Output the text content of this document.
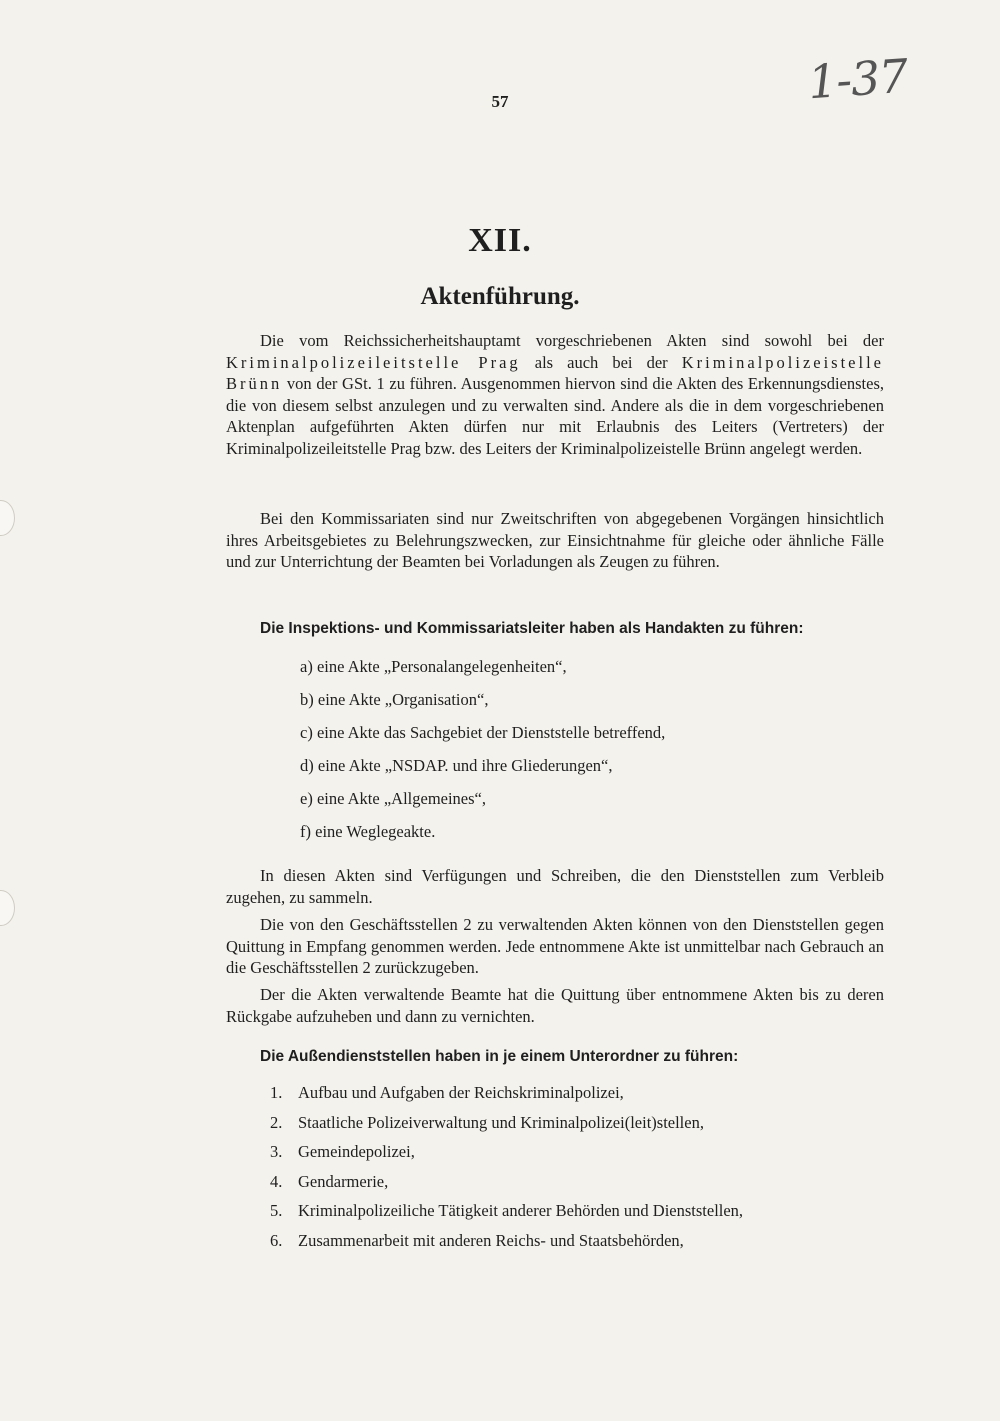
1-37
57
XII.
Aktenführung.

Die vom Reichssicherheitshauptamt vorgeschriebenen Akten sind sowohl bei der Kriminalpolizeileitstelle Prag als auch bei der Kriminalpolizeistelle Brünn von der GSt. 1 zu führen. Ausgenommen hiervon sind die Akten des Erkennungsdienstes, die von diesem selbst anzulegen und zu verwalten sind. Andere als die in dem vorgeschriebenen Aktenplan aufgeführten Akten dürfen nur mit Erlaubnis des Leiters (Vertreters) der Kriminalpolizeileitstelle Prag bzw. des Leiters der Kriminalpolizeistelle Brünn angelegt werden.

Bei den Kommissariaten sind nur Zweitschriften von abgegebenen Vorgängen hinsichtlich ihres Arbeitsgebietes zu Belehrungszwecken, zur Einsichtnahme für gleiche oder ähnliche Fälle und zur Unterrichtung der Beamten bei Vorladungen als Zeugen zu führen.

Die Inspektions- und Kommissariatsleiter haben als Handakten zu führen:
a) eine Akte „Personalangelegenheiten“,
b) eine Akte „Organisation“,
c) eine Akte das Sachgebiet der Dienststelle betreffend,
d) eine Akte „NSDAP. und ihre Gliederungen“,
e) eine Akte „Allgemeines“,
f) eine Weglegeakte.

In diesen Akten sind Verfügungen und Schreiben, die den Dienststellen zum Verbleib zugehen, zu sammeln.

Die von den Geschäftsstellen 2 zu verwaltenden Akten können von den Dienststellen gegen Quittung in Empfang genommen werden. Jede entnommene Akte ist unmittelbar nach Gebrauch an die Geschäftsstellen 2 zurückzugeben.

Der die Akten verwaltende Beamte hat die Quittung über entnommene Akten bis zu deren Rückgabe aufzuheben und dann zu vernichten.

Die Außendienststellen haben in je einem Unterordner zu führen:
1. Aufbau und Aufgaben der Reichskriminalpolizei,
2. Staatliche Polizeiverwaltung und Kriminalpolizei(leit)stellen,
3. Gemeindepolizei,
4. Gendarmerie,
5. Kriminalpolizeiliche Tätigkeit anderer Behörden und Dienststellen,
6. Zusammenarbeit mit anderen Reichs- und Staatsbehörden,
